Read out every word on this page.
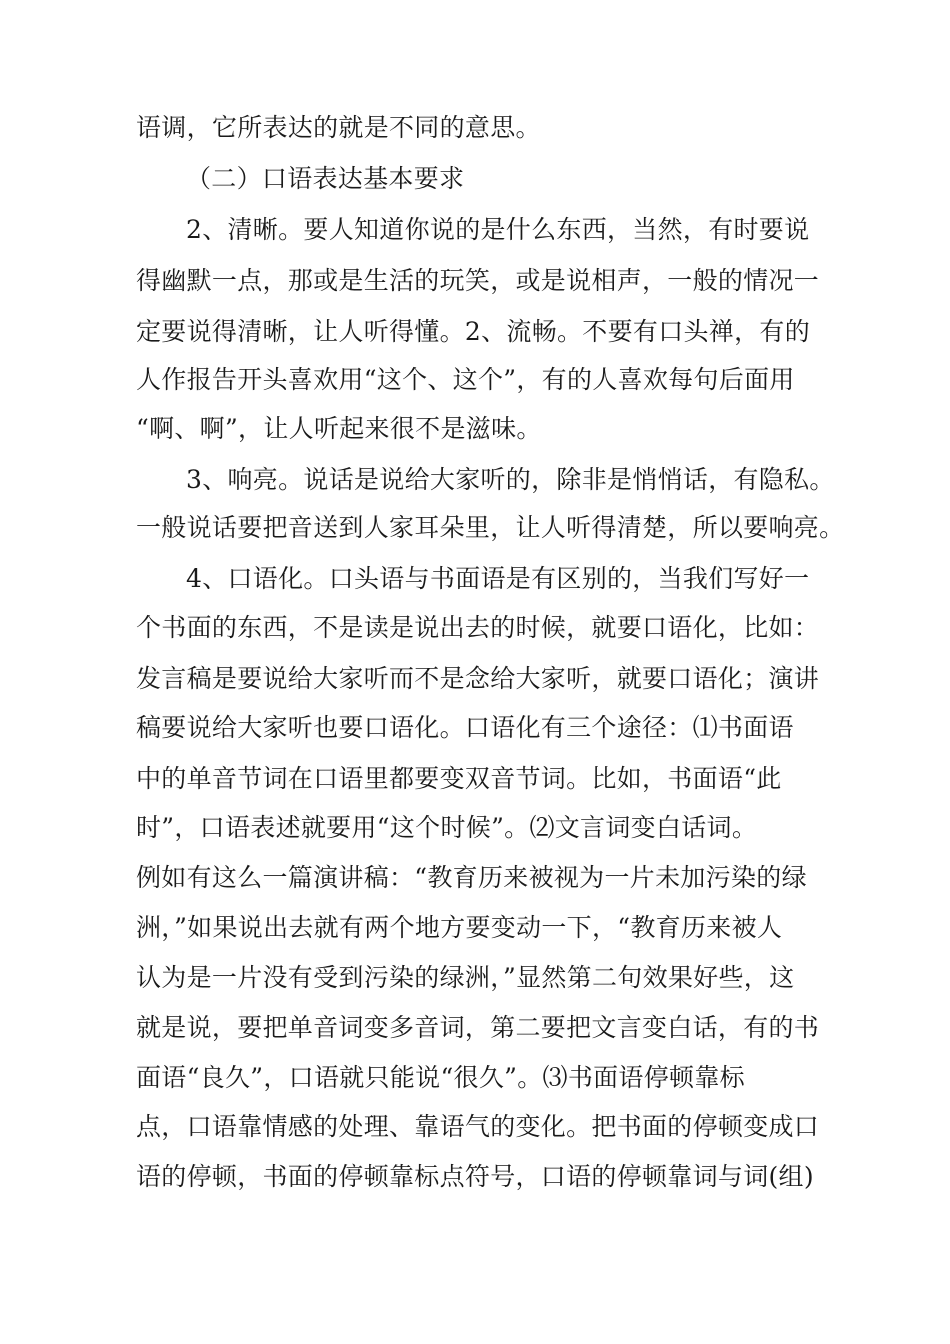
语调，它所表达的就是不同的意思。
（二）口语表达基本要求
2、清晰。要人知道你说的是什么东西，当然，有时要说
得幽默一点，那或是生活的玩笑，或是说相声，一般的情况一
定要说得清晰，让人听得懂。2、流畅。不要有口头禅，有的
人作报告开头喜欢用“这个、这个”，有的人喜欢每句后面用
“啊、啊”，让人听起来很不是滋味。
3、响亮。说话是说给大家听的，除非是悄悄话，有隐私。
一般说话要把音送到人家耳朵里，让人听得清楚，所以要响亮。
4、口语化。口头语与书面语是有区别的，当我们写好一
个书面的东西，不是读是说出去的时候，就要口语化，比如：
发言稿是要说给大家听而不是念给大家听，就要口语化；演讲
稿要说给大家听也要口语化。口语化有三个途径：⑴书面语
中的单音节词在口语里都要变双音节词。比如，书面语“此
时”，口语表述就要用“这个时候”。⑵文言词变白话词。
例如有这么一篇演讲稿：“教育历来被视为一片未加污染的绿
洲，”如果说出去就有两个地方要变动一下，“教育历来被人
认为是一片没有受到污染的绿洲，”显然第二句效果好些，这
就是说，要把单音词变多音词，第二要把文言变白话，有的书
面语“良久”，口语就只能说“很久”。⑶书面语停顿靠标
点，口语靠情感的处理、靠语气的变化。把书面的停顿变成口
语的停顿，书面的停顿靠标点符号，口语的停顿靠词与词(组)
